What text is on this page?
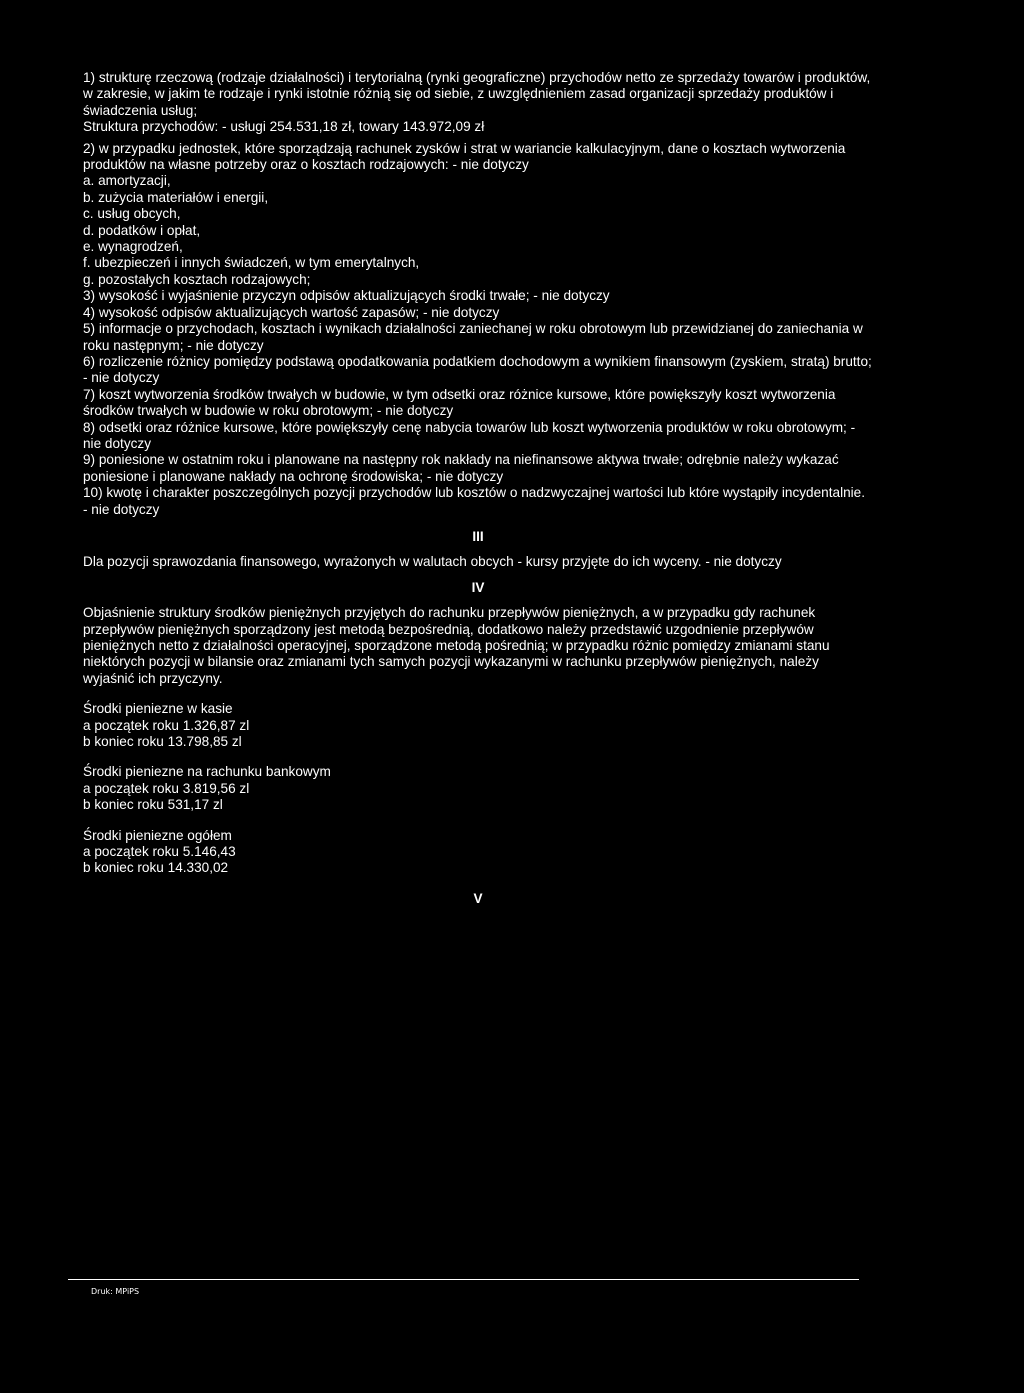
1) strukturę rzeczową (rodzaje działalności) i terytorialną (rynki geograficzne) przychodów netto ze sprzedaży towarów i produktów, w zakresie, w jakim te rodzaje i rynki istotnie różnią się od siebie, z uwzględnieniem zasad organizacji sprzedaży produktów i świadczenia usług;

Struktura przychodów: - usługi 254.531,18 zł, towary 143.972,09 zł

2) w przypadku jednostek, które sporządzają rachunek zysków i strat w wariancie kalkulacyjnym, dane o kosztach wytworzenia produktów na własne potrzeby oraz o kosztach rodzajowych: - nie dotyczy

a. amortyzacji,

b. zużycia materiałów i energii,

c. usług obcych,

d. podatków i opłat,

e. wynagrodzeń,

f. ubezpieczeń i innych świadczeń, w tym emerytalnych,

g. pozostałych kosztach rodzajowych;

3) wysokość i wyjaśnienie przyczyn odpisów aktualizujących środki trwałe; - nie dotyczy

4) wysokość odpisów aktualizujących wartość zapasów; - nie dotyczy

5) informacje o przychodach, kosztach i wynikach działalności zaniechanej w roku obrotowym lub przewidzianej do zaniechania w roku następnym; - nie dotyczy

6) rozliczenie różnicy pomiędzy podstawą opodatkowania podatkiem dochodowym a wynikiem finansowym (zyskiem, stratą) brutto; - nie dotyczy

7) koszt wytworzenia środków trwałych w budowie, w tym odsetki oraz różnice kursowe, które powiększyły koszt wytworzenia środków trwałych w budowie w roku obrotowym; - nie dotyczy

8) odsetki oraz różnice kursowe, które powiększyły cenę nabycia towarów lub koszt wytworzenia produktów w roku obrotowym; - nie dotyczy

9) poniesione w ostatnim roku i planowane na następny rok nakłady na niefinansowe aktywa trwałe; odrębnie należy wykazać poniesione i planowane nakłady na ochronę środowiska; - nie dotyczy

10) kwotę i charakter poszczególnych pozycji przychodów lub kosztów o nadzwyczajnej wartości lub które wystąpiły incydentalnie. - nie dotyczy

III

Dla pozycji sprawozdania finansowego, wyrażonych w walutach obcych - kursy przyjęte do ich wyceny. - nie dotyczy

IV

Objaśnienie struktury środków pieniężnych przyjętych do rachunku przepływów pieniężnych, a w przypadku gdy rachunek przepływów pieniężnych sporządzony jest metodą bezpośrednią, dodatkowo należy przedstawić uzgodnienie przepływów pieniężnych netto z działalności operacyjnej, sporządzone metodą pośrednią; w przypadku różnic pomiędzy zmianami stanu niektórych pozycji w bilansie oraz zmianami tych samych pozycji wykazanymi w rachunku przepływów pieniężnych, należy wyjaśnić ich przyczyny.

Środki pieniezne w kasie

a początek roku 1.326,87 zl

b koniec roku 13.798,85 zl

Środki pieniezne na rachunku bankowym

a początek roku 3.819,56 zl

b koniec roku 531,17 zl

Środki pieniezne ogółem

a początek roku 5.146,43

b koniec roku 14.330,02

V

Druk: MPiPS
